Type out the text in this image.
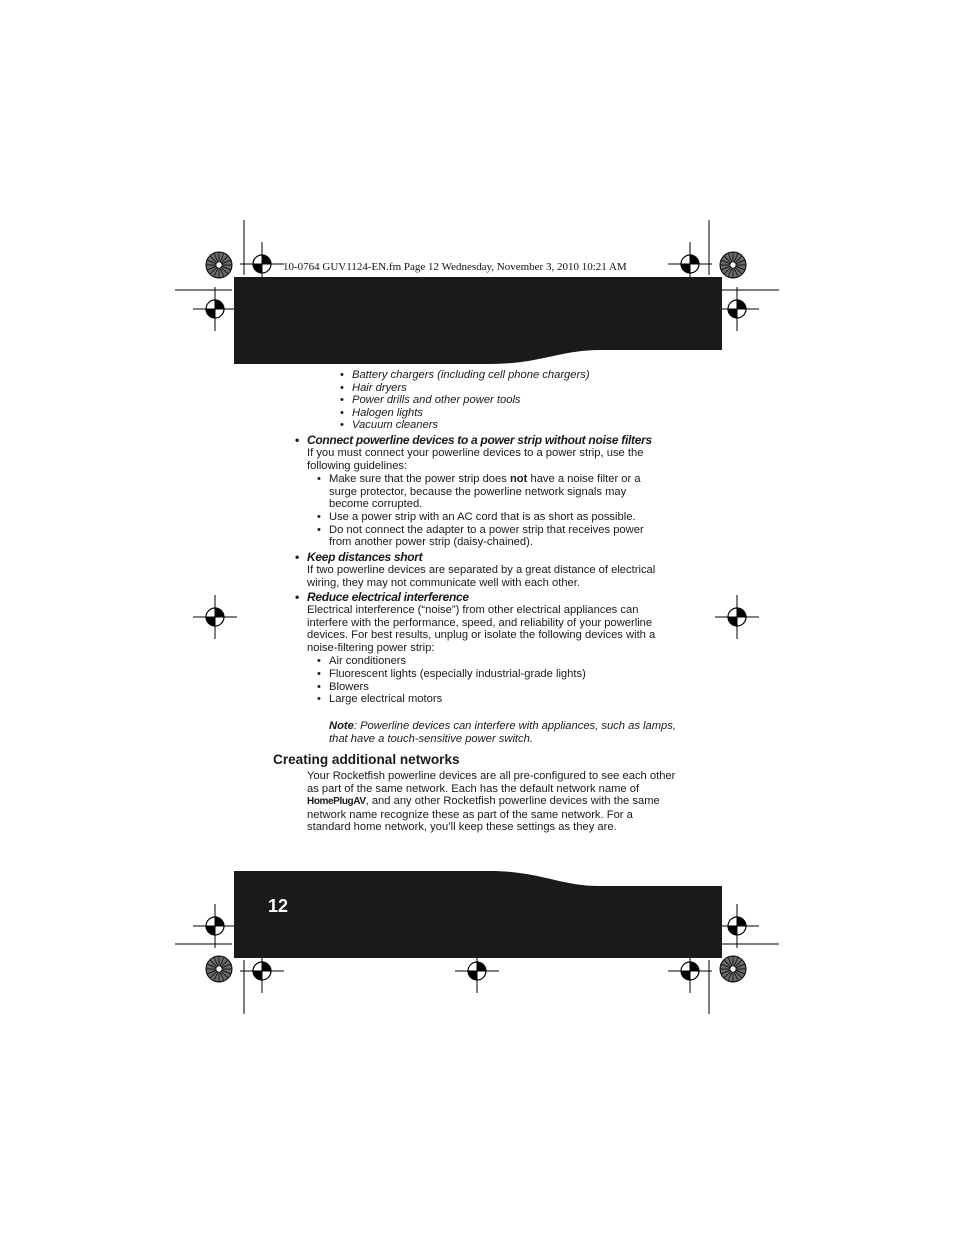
10-0764 GUV1124-EN.fm Page 12 Wednesday, November 3, 2010 10:21 AM
• Battery chargers (including cell phone chargers)
• Hair dryers
• Power drills and other power tools
• Halogen lights
• Vacuum cleaners
• Connect powerline devices to a power strip without noise filters
If you must connect your powerline devices to a power strip, use the following guidelines:
• Make sure that the power strip does not have a noise filter or a surge protector, because the powerline network signals may become corrupted.
• Use a power strip with an AC cord that is as short as possible.
• Do not connect the adapter to a power strip that receives power from another power strip (daisy-chained).
• Keep distances short
If two powerline devices are separated by a great distance of electrical wiring, they may not communicate well with each other.
• Reduce electrical interference
Electrical interference (“noise”) from other electrical appliances can interfere with the performance, speed, and reliability of your powerline devices. For best results, unplug or isolate the following devices with a noise-filtering power strip:
• Air conditioners
• Fluorescent lights (especially industrial-grade lights)
• Blowers
• Large electrical motors
Note: Powerline devices can interfere with appliances, such as lamps, that have a touch-sensitive power switch.
Creating additional networks
Your Rocketfish powerline devices are all pre-configured to see each other as part of the same network. Each has the default network name of HomePlugAV, and any other Rocketfish powerline devices with the same network name recognize these as part of the same network. For a standard home network, you’ll keep these settings as they are.
12
